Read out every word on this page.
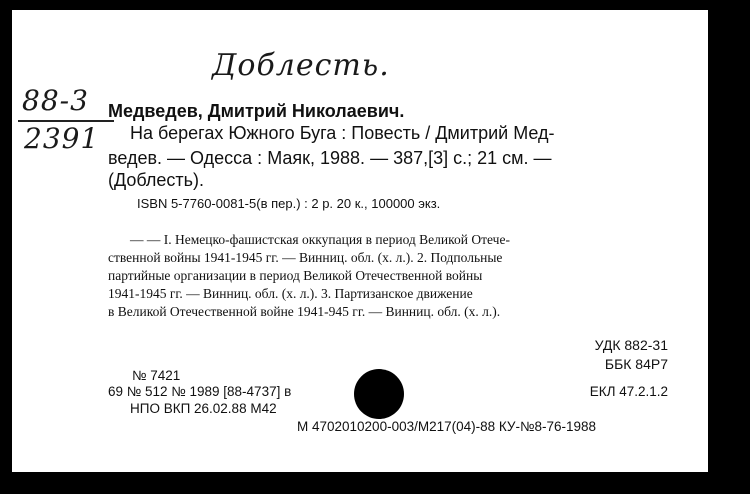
Доблесть.
88-3
2391
Медведев, Дмитрий Николаевич.
На берегах Южного Буга : Повесть / Дмитрий Мед-
ведев. — Одесса : Маяк, 1988. — 387,[3] с.; 21 см. —
(Доблесть).
ISBN 5-7760-0081-5(в пер.) : 2 р. 20 к., 100000 экз.
— — I. Немецко-фашистская оккупация в период Великой Отече-
ственной войны 1941-1945 гг. — Винниц. обл. (х. л.). 2. Подпольные
партийные организации в период Великой Отечественной войны
1941-1945 гг. — Винниц. обл. (х. л.). 3. Партизанское движение
в Великой Отечественной войне 1941-945 гг. — Винниц. обл. (х. л.).
УДК 882-31
ББК 84Р7
№ 7421
69 № 512 № 1989 [88-4737] в	ЕКЛ 47.2.1.2
НПО ВКП 26.02.88 М42
М 4702010200-003/М217(04)-88 КУ-№8-76-1988
